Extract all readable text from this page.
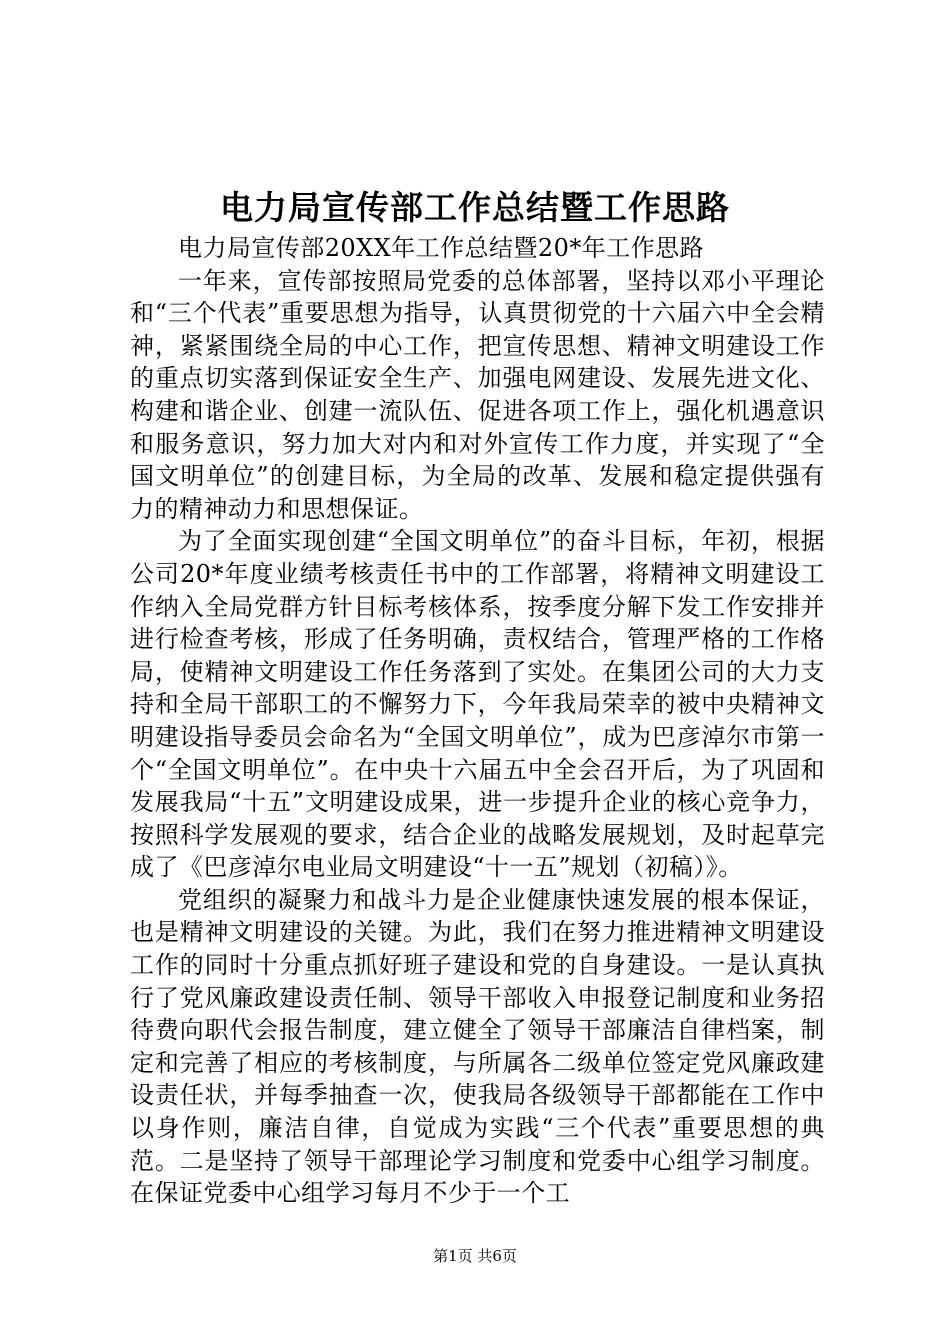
电力局宣传部工作总结暨工作思路

电力局宣传部20XX年工作总结暨20*年工作思路

一年来，宣传部按照局党委的总体部署，坚持以邓小平理论和“三个代表”重要思想为指导，认真贯彻党的十六届六中全会精神，紧紧围绕全局的中心工作，把宣传思想、精神文明建设工作的重点切实落到保证安全生产、加强电网建设、发展先进文化、构建和谐企业、创建一流队伍、促进各项工作上，强化机遇意识和服务意识，努力加大对内和对外宣传工作力度，并实现了“全国文明单位”的创建目标，为全局的改革、发展和稳定提供强有力的精神动力和思想保证。

为了全面实现创建“全国文明单位”的奋斗目标，年初，根据公司20*年度业绩考核责任书中的工作部署，将精神文明建设工作纳入全局党群方针目标考核体系，按季度分解下发工作安排并进行检查考核，形成了任务明确，责权结合，管理严格的工作格局，使精神文明建设工作任务落到了实处。在集团公司的大力支持和全局干部职工的不懈努力下，今年我局荣幸的被中央精神文明建设指导委员会命名为“全国文明单位”，成为巴彦淖尔市第一个“全国文明单位”。在中央十六届五中全会召开后，为了巩固和发展我局“十五”文明建设成果，进一步提升企业的核心竞争力，按照科学发展观的要求，结合企业的战略发展规划，及时起草完成了《巴彦淖尔电业局文明建设“十一五”规划（初稿）》。

党组织的凝聚力和战斗力是企业健康快速发展的根本保证，也是精神文明建设的关键。为此，我们在努力推进精神文明建设工作的同时十分重点抓好班子建设和党的自身建设。一是认真执行了党风廉政建设责任制、领导干部收入申报登记制度和业务招待费向职代会报告制度，建立健全了领导干部廉洁自律档案，制定和完善了相应的考核制度，与所属各二级单位签定党风廉政建设责任状，并每季抽查一次，使我局各级领导干部都能在工作中以身作则，廉洁自律，自觉成为实践“三个代表”重要思想的典范。二是坚持了领导干部理论学习制度和党委中心组学习制度。在保证党委中心组学习每月不少于一个工

第1页 共6页
